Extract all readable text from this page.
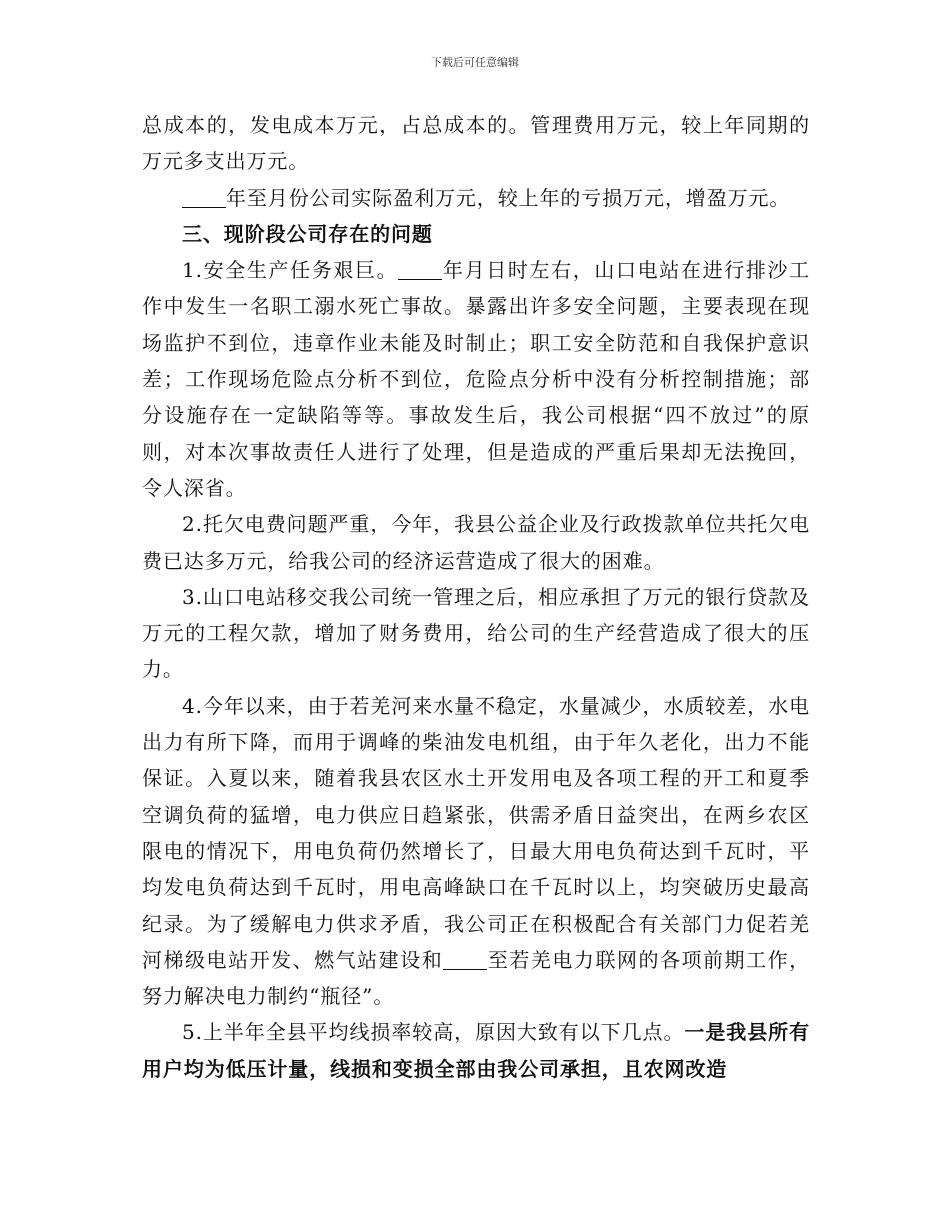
下载后可任意编辑

总成本的，发电成本万元，占总成本的。管理费用万元，较上年同期的万元多支出万元。

年至月份公司实际盈利万元，较上年的亏损万元，增盈万元。

三、现阶段公司存在的问题

1.安全生产任务艰巨。 年月日时左右，山口电站在进行排沙工作中发生一名职工溺水死亡事故。暴露出许多安全问题，主要表现在现场监护不到位，违章作业未能及时制止；职工安全防范和自我保护意识差；工作现场危险点分析不到位，危险点分析中没有分析控制措施；部分设施存在一定缺陷等等。事故发生后，我公司根据“四不放过”的原则，对本次事故责任人进行了处理，但是造成的严重后果却无法挽回，令人深省。

2.托欠电费问题严重，今年，我县公益企业及行政拨款单位共托欠电费已达多万元，给我公司的经济运营造成了很大的困难。

3.山口电站移交我公司统一管理之后，相应承担了万元的银行贷款及万元的工程欠款，增加了财务费用，给公司的生产经营造成了很大的压力。

4.今年以来，由于若羌河来水量不稳定，水量减少，水质较差，水电出力有所下降，而用于调峰的柴油发电机组，由于年久老化，出力不能保证。入夏以来，随着我县农区水土开发用电及各项工程的开工和夏季空调负荷的猛增，电力供应日趋紧张，供需矛盾日益突出，在两乡农区限电的情况下，用电负荷仍然增长了，日最大用电负荷达到千瓦时，平均发电负荷达到千瓦时，用电高峰缺口在千瓦时以上，均突破历史最高纪录。为了缓解电力供求矛盾，我公司正在积极配合有关部门力促若羌河梯级电站开发、燃气站建设和 至若羌电力联网的各项前期工作，努力解决电力制约“瓶径”。

5.上半年全县平均线损率较高，原因大致有以下几点。一是我县所有用户均为低压计量，线损和变损全部由我公司承担，且农网改造
